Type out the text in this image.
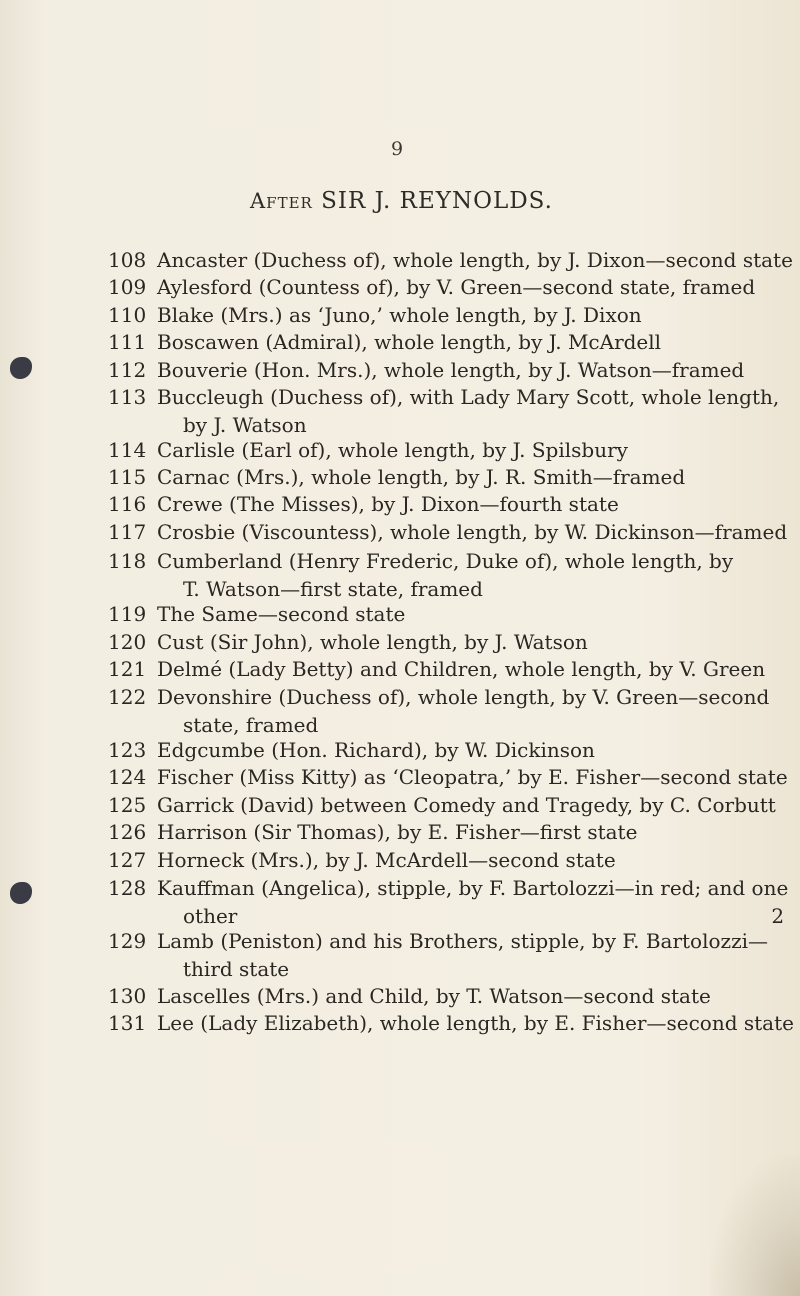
9
After SIR J. REYNOLDS.
108 Ancaster (Duchess of), whole length, by J. Dixon—second state
109 Aylesford (Countess of), by V. Green—second state, framed
110 Blake (Mrs.) as ‘Juno,’ whole length, by J. Dixon
111 Boscawen (Admiral), whole length, by J. McArdell
112 Bouverie (Hon. Mrs.), whole length, by J. Watson—framed
113 Buccleugh (Duchess of), with Lady Mary Scott, whole length,
by J. Watson
114 Carlisle (Earl of), whole length, by J. Spilsbury
115 Carnac (Mrs.), whole length, by J. R. Smith—framed
116 Crewe (The Misses), by J. Dixon—fourth state
117 Crosbie (Viscountess), whole length, by W. Dickinson—framed
118 Cumberland (Henry Frederic, Duke of), whole length, by
T. Watson—first state, framed
119 The Same—second state
120 Cust (Sir John), whole length, by J. Watson
121 Delmé (Lady Betty) and Children, whole length, by V. Green
122 Devonshire (Duchess of), whole length, by V. Green—second
state, framed
123 Edgcumbe (Hon. Richard), by W. Dickinson
124 Fischer (Miss Kitty) as ‘Cleopatra,’ by E. Fisher—second state
125 Garrick (David) between Comedy and Tragedy, by C. Corbutt
126 Harrison (Sir Thomas), by E. Fisher—first state
127 Horneck (Mrs.), by J. McArdell—second state
128 Kauffman (Angelica), stipple, by F. Bartolozzi—in red; and one
other                                                                                    2
129 Lamb (Peniston) and his Brothers, stipple, by F. Bartolozzi—
third state
130 Lascelles (Mrs.) and Child, by T. Watson—second state
131 Lee (Lady Elizabeth), whole length, by E. Fisher—second state
